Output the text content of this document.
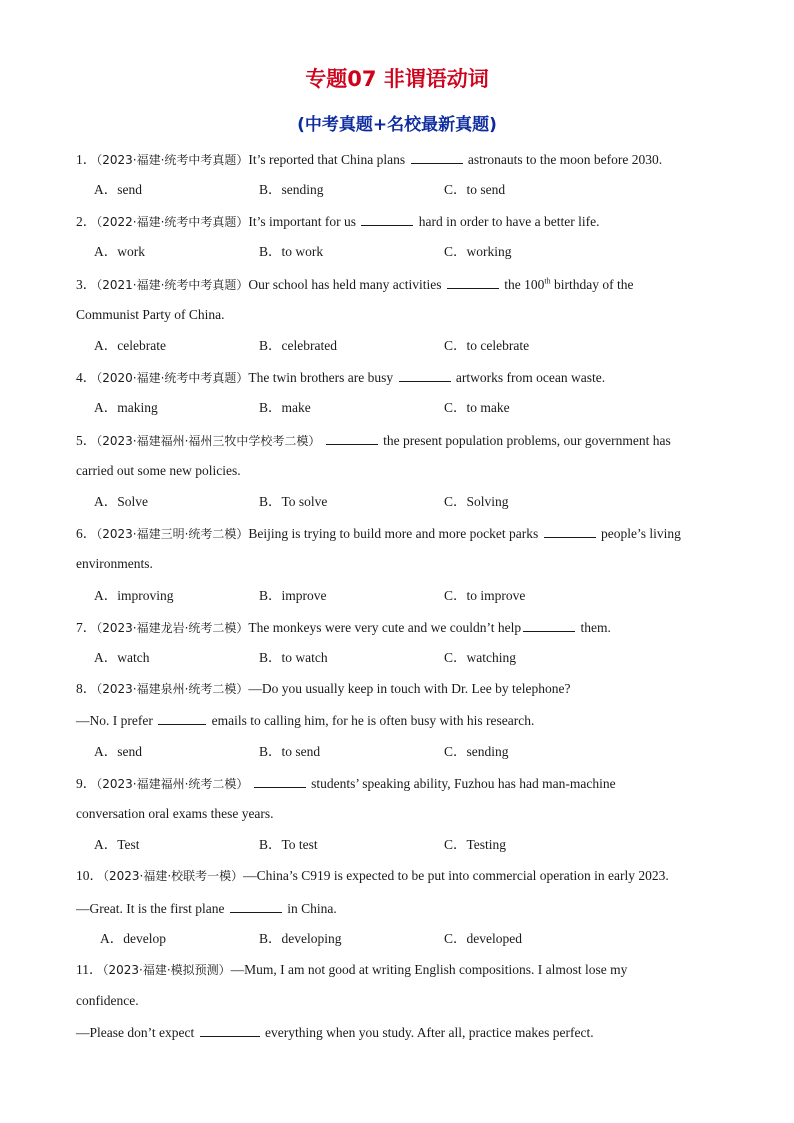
专题07 非谓语动词
(中考真题+名校最新真题)
1．（2023·福建·统考中考真题）It’s reported that China plans	astronauts to the moon before 2030.
A．send	B．sending	C．to send
2．（2022·福建·统考中考真题）It’s important for us	hard in order to have a better life.
A．work	B．to work	C．working
3．（2021·福建·统考中考真题）Our school has held many activities	the 100th birthday of the
Communist Party of China.
A．celebrate	B．celebrated	C．to celebrate
4．（2020·福建·统考中考真题）The twin brothers are busy	artworks from ocean waste.
A．making	B．make	C．to make
5．（2023·福建福州·福州三牧中学校考二模）	the present population problems, our government has
carried out some new policies.
A．Solve	B．To solve	C．Solving
6．（2023·福建三明·统考二模）Beijing is trying to build more and more pocket parks	people’s living
environments.
A．improving	B．improve	C．to improve
7．（2023·福建龙岩·统考二模）The monkeys were very cute and we couldn’t help	them.
A．watch	B．to watch	C．watching
8．（2023·福建泉州·统考二模）—Do you usually keep in touch with Dr. Lee by telephone?
—No. I prefer	emails to calling him, for he is often busy with his research.
A．send	B．to send	C．sending
9．（2023·福建福州·统考二模）	students’ speaking ability, Fuzhou has had man-machine
conversation oral exams these years.
A．Test	B．To test	C．Testing
10．（2023·福建·校联考一模）—China’s C919 is expected to be put into commercial operation in early 2023.
—Great. It is the first plane	in China.
A．develop	B．developing	C．developed
11．（2023·福建·模拟预测）—Mum, I am not good at writing English compositions. I almost lose my
confidence.
—Please don’t expect	everything when you study. After all, practice makes perfect.
